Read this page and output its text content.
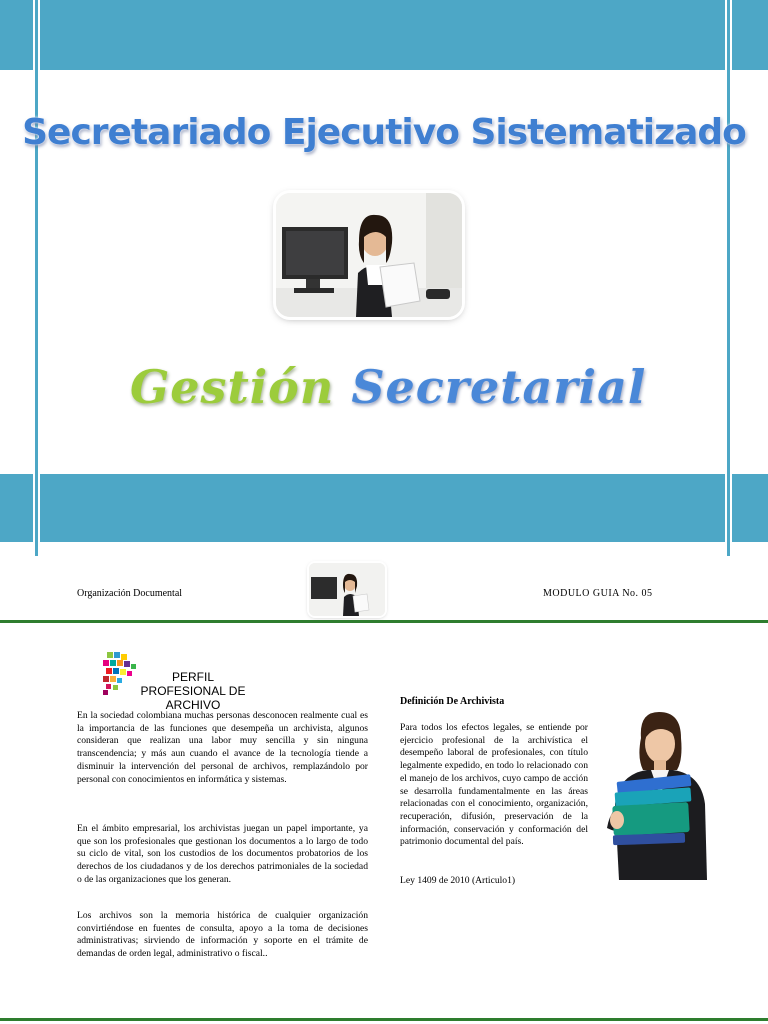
Secretariado Ejecutivo Sistematizado
Gestión Secretarial
Organización Documental	MODULO GUIA No. 05
PERFIL
PROFESIONAL DE
ARCHIVO

En la sociedad colombiana muchas personas desconocen realmente cual es la importancia de las funciones que desempeña un archivista, algunos consideran que realizan una labor muy sencilla y sin ninguna transcendencia; y más aun cuando el avance de la tecnología tiende a disminuir la intervención del personal de archivos, remplazándolo por personal con conocimientos en informática y sistemas.

En el ámbito empresarial, los archivistas juegan un papel importante, ya que son los profesionales que gestionan los documentos a lo largo de todo su ciclo de vital, son los custodios de los documentos probatorios de los derechos de los ciudadanos y de los derechos patrimoniales de la sociedad o de las organizaciones que los generan.

Los archivos son la memoria histórica de cualquier organización convirtiéndose en fuentes de consulta, apoyo a la toma de decisiones administrativas; sirviendo de información y soporte en el trámite de demandas de orden legal, administrativo o fiscal..

Definición De Archivista

Para todos los efectos legales, se entiende por ejercicio profesional de la archivística el desempeño laboral de profesionales, con título legalmente expedido, en todo lo relacionado con el manejo de los archivos, cuyo campo de acción se desarrolla fundamentalmente en las áreas relacionadas con el conocimiento, organización, recuperación, difusión, preservación de la información, conservación y conformación del patrimonio documental del país.

Ley 1409 de 2010 (Articulo1)
